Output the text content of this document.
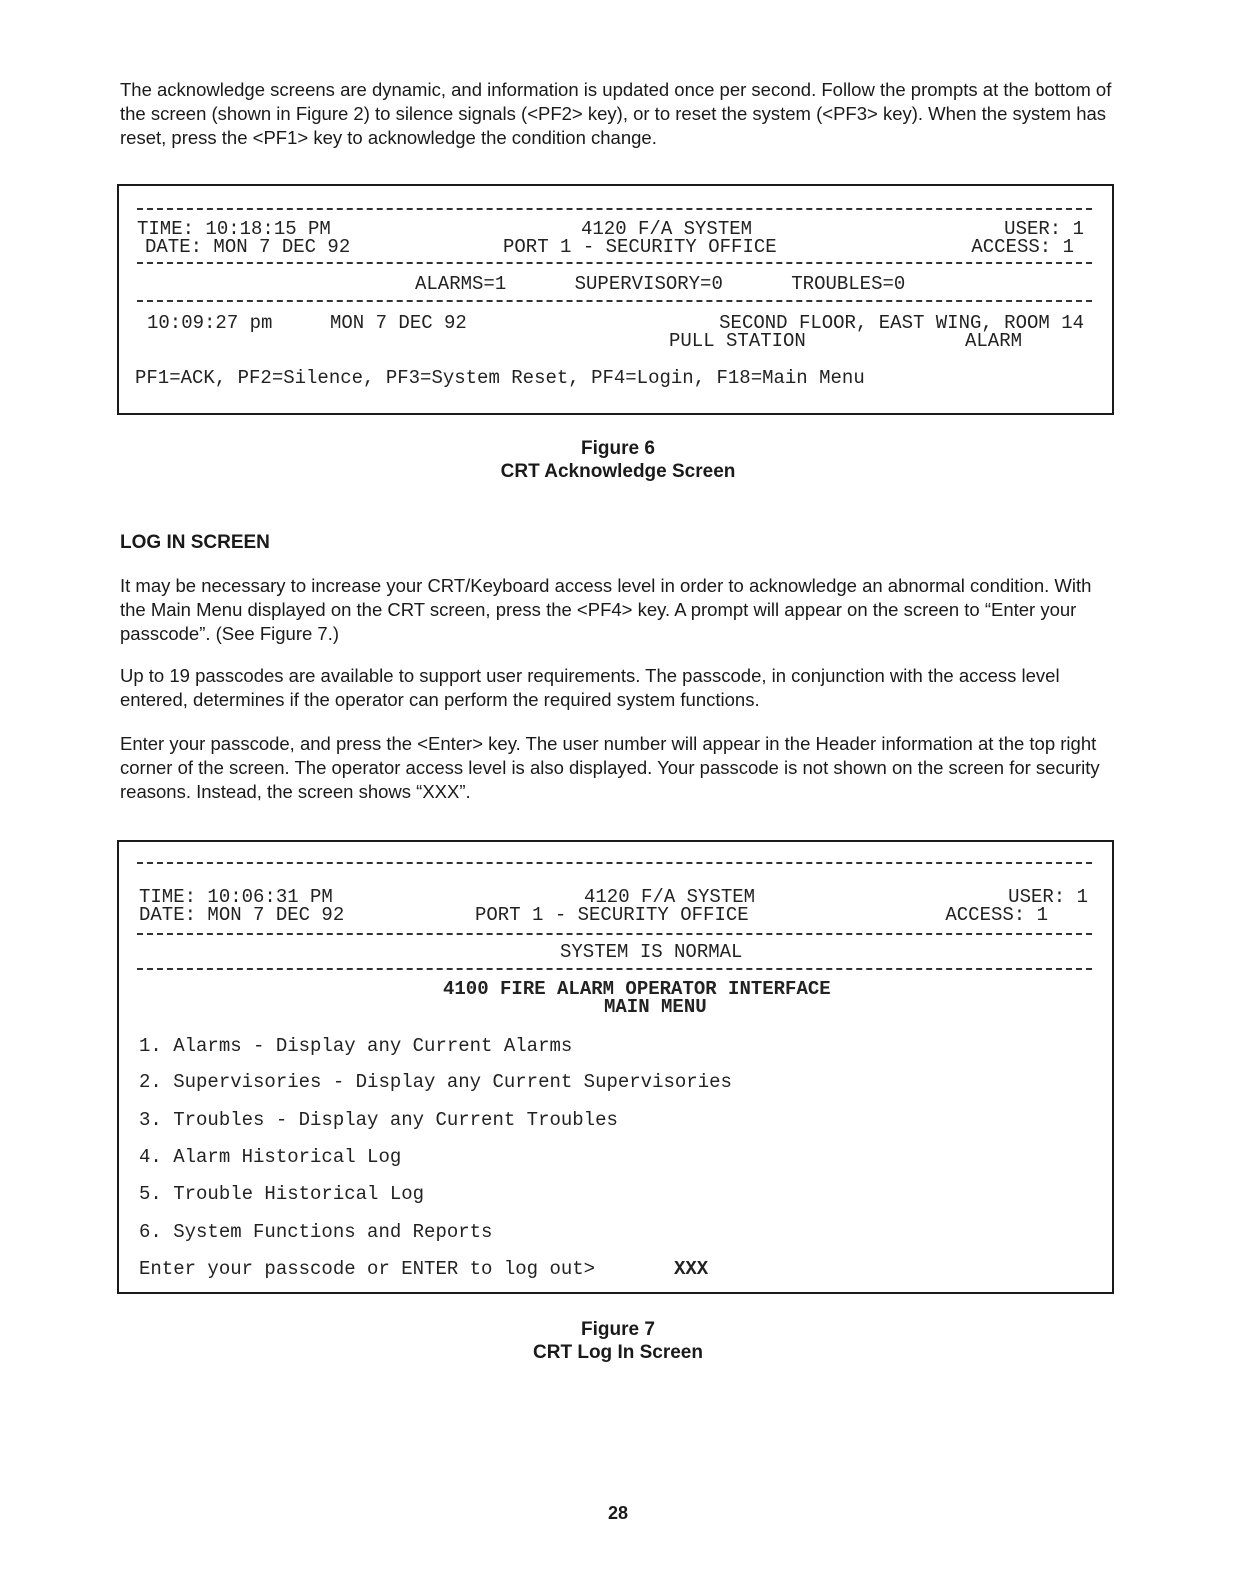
The acknowledge screens are dynamic, and information is updated once per second. Follow the prompts at the bottom of the screen (shown in Figure 2) to silence signals (<PF2> key), or to reset the system (<PF3> key). When the system has reset, press the <PF1> key to acknowledge the condition change.

TIME: 10:18:15 PM	4120 F/A SYSTEM	USER: 1
DATE: MON 7 DEC 92	PORT 1 - SECURITY OFFICE	ACCESS: 1
ALARMS=1      SUPERVISORY=0      TROUBLES=0
10:09:27 pm	MON 7 DEC 92	SECOND FLOOR, EAST WING, ROOM 14
PULL STATION	ALARM
PF1=ACK, PF2=Silence, PF3=System Reset, PF4=Login, F18=Main Menu
Figure 6
CRT Acknowledge Screen
LOG IN SCREEN

It may be necessary to increase your CRT/Keyboard access level in order to acknowledge an abnormal condition. With the Main Menu displayed on the CRT screen, press the <PF4> key. A prompt will appear on the screen to “Enter your passcode”. (See Figure 7.)

Up to 19 passcodes are available to support user requirements. The passcode, in conjunction with the access level entered, determines if the operator can perform the required system functions.

Enter your passcode, and press the <Enter> key. The user number will appear in the Header information at the top right corner of the screen. The operator access level is also displayed. Your passcode is not shown on the screen for security reasons. Instead, the screen shows “XXX”.

TIME: 10:06:31 PM	4120 F/A SYSTEM	USER: 1
DATE: MON 7 DEC 92	PORT 1 - SECURITY OFFICE	ACCESS: 1
SYSTEM IS NORMAL
4100 FIRE ALARM OPERATOR INTERFACE
MAIN MENU
1. Alarms - Display any Current Alarms
2. Supervisories - Display any Current Supervisories
3. Troubles - Display any Current Troubles
4. Alarm Historical Log
5. Trouble Historical Log
6. System Functions and Reports
Enter your passcode or ENTER to log out>	XXX
Figure 7
CRT Log In Screen
28
